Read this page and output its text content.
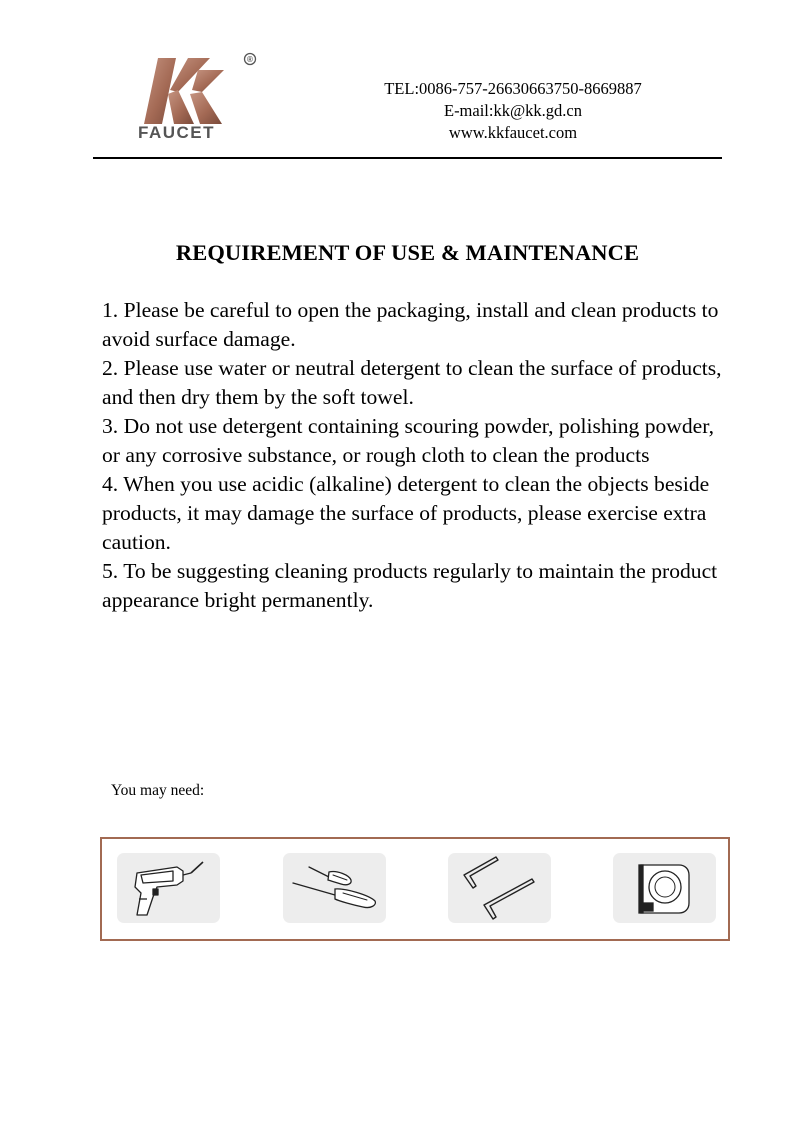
®
FAUCET
TEL:0086-757-26630663750-8669887
E-mail:kk@kk.gd.cn
www.kkfaucet.com
REQUIREMENT OF USE & MAINTENANCE
1. Please be careful to open the packaging, install and clean products to avoid surface damage.
2. Please use water or neutral detergent to clean the surface of products, and then dry them by the soft towel.
3. Do not use detergent containing scouring powder, polishing powder, or any corrosive substance, or rough cloth to clean the products
4. When you use acidic (alkaline) detergent to clean the objects beside products, it may damage the surface of products, please exercise extra caution.
5. To be suggesting cleaning products regularly to maintain the product appearance bright permanently.
You may need:
